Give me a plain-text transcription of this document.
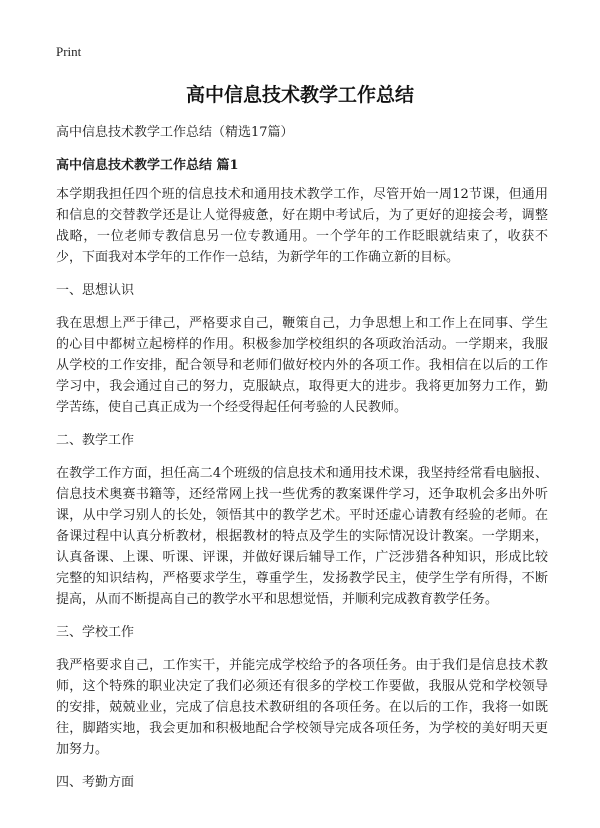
Print
高中信息技术教学工作总结

高中信息技术教学工作总结（精选17篇）

高中信息技术教学工作总结 篇1

本学期我担任四个班的信息技术和通用技术教学工作，尽管开始一周12节课，但通用和信息的交替教学还是让人觉得疲惫，好在期中考试后，为了更好的迎接会考，调整战略，一位老师专教信息另一位专教通用。一个学年的工作眨眼就结束了，收获不少，下面我对本学年的工作作一总结，为新学年的工作确立新的目标。

一、思想认识

我在思想上严于律己，严格要求自己，鞭策自己，力争思想上和工作上在同事、学生的心目中都树立起榜样的作用。积极参加学校组织的各项政治活动。一学期来，我服从学校的工作安排，配合领导和老师们做好校内外的各项工作。我相信在以后的工作学习中，我会通过自己的努力，克服缺点，取得更大的进步。我将更加努力工作，勤学苦练，使自己真正成为一个经受得起任何考验的人民教师。

二、教学工作

在教学工作方面，担任高二4个班级的信息技术和通用技术课，我坚持经常看电脑报、信息技术奥赛书籍等，还经常网上找一些优秀的教案课件学习，还争取机会多出外听课，从中学习别人的长处，领悟其中的教学艺术。平时还虚心请教有经验的老师。在备课过程中认真分析教材，根据教材的特点及学生的实际情况设计教案。一学期来，认真备课、上课、听课、评课，并做好课后辅导工作，广泛涉猎各种知识，形成比较完整的知识结构，严格要求学生，尊重学生，发扬教学民主，使学生学有所得，不断提高，从而不断提高自己的教学水平和思想觉悟，并顺利完成教育教学任务。

三、学校工作

我严格要求自己，工作实干，并能完成学校给予的各项任务。由于我们是信息技术教师，这个特殊的职业决定了我们必须还有很多的学校工作要做，我服从党和学校领导的安排，兢兢业业，完成了信息技术教研组的各项任务。在以后的工作，我将一如既往，脚踏实地，我会更加和积极地配合学校领导完成各项任务，为学校的美好明天更加努力。

四、考勤方面
